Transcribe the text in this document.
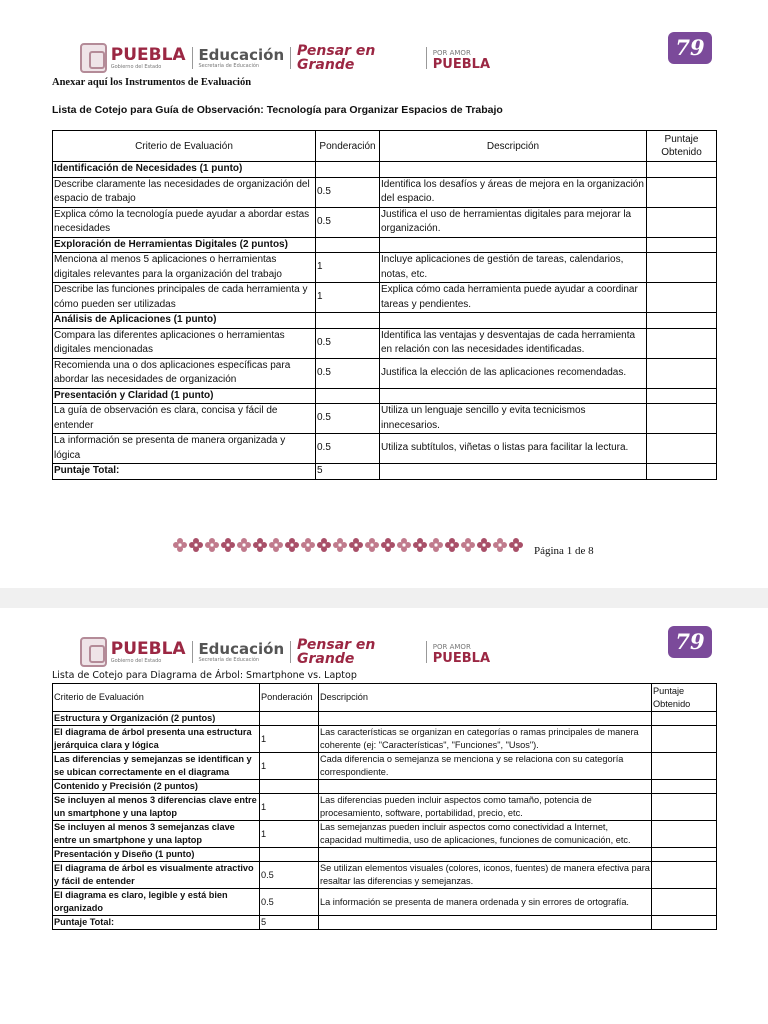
PUEBLA
Gobierno del Estado
Educación
Secretaría de Educación
Pensar en Grande
POR AMOR
PUEBLA
79
Anexar aquí los Instrumentos de Evaluación
Lista de Cotejo para Guía de Observación: Tecnología para Organizar Espacios de Trabajo
Criterio de Evaluación	Ponderación	Descripción	Puntaje Obtenido
Identificación de Necesidades (1 punto)			
Describe claramente las necesidades de organización del espacio de trabajo	0.5	Identifica los desafíos y áreas de mejora en la organización del espacio.	
Explica cómo la tecnología puede ayudar a abordar estas necesidades	0.5	Justifica el uso de herramientas digitales para mejorar la organización.	
Exploración de Herramientas Digitales (2 puntos)			
Menciona al menos 5 aplicaciones o herramientas digitales relevantes para la organización del trabajo	1	Incluye aplicaciones de gestión de tareas, calendarios, notas, etc.	
Describe las funciones principales de cada herramienta y cómo pueden ser utilizadas	1	Explica cómo cada herramienta puede ayudar a coordinar tareas y pendientes.	
Análisis de Aplicaciones (1 punto)			
Compara las diferentes aplicaciones o herramientas digitales mencionadas	0.5	Identifica las ventajas y desventajas de cada herramienta en relación con las necesidades identificadas.	
Recomienda una o dos aplicaciones específicas para abordar las necesidades de organización	0.5	Justifica la elección de las aplicaciones recomendadas.	
Presentación y Claridad (1 punto)			
La guía de observación es clara, concisa y fácil de entender	0.5	Utiliza un lenguaje sencillo y evita tecnicismos innecesarios.	
La información se presenta de manera organizada y lógica	0.5	Utiliza subtítulos, viñetas o listas para facilitar la lectura.	
Puntaje Total:	5		
Página 1 de 8
PUEBLA
Gobierno del Estado
Educación
Secretaría de Educación
Pensar en Grande
POR AMOR
PUEBLA
79
Lista de Cotejo para Diagrama de Árbol: Smartphone vs. Laptop
Criterio de Evaluación	Ponderación	Descripción	Puntaje Obtenido
Estructura y Organización (2 puntos)			
El diagrama de árbol presenta una estructura jerárquica clara y lógica	1	Las características se organizan en categorías o ramas principales de manera coherente (ej: "Características", "Funciones", "Usos").	
Las diferencias y semejanzas se identifican y se ubican correctamente en el diagrama	1	Cada diferencia o semejanza se menciona y se relaciona con su categoría correspondiente.	
Contenido y Precisión (2 puntos)			
Se incluyen al menos 3 diferencias clave entre un smartphone y una laptop	1	Las diferencias pueden incluir aspectos como tamaño, potencia de procesamiento, software, portabilidad, precio, etc.	
Se incluyen al menos 3 semejanzas clave entre un smartphone y una laptop	1	Las semejanzas pueden incluir aspectos como conectividad a Internet, capacidad multimedia, uso de aplicaciones, funciones de comunicación, etc.	
Presentación y Diseño (1 punto)			
El diagrama de árbol es visualmente atractivo y fácil de entender	0.5	Se utilizan elementos visuales (colores, iconos, fuentes) de manera efectiva para resaltar las diferencias y semejanzas.	
El diagrama es claro, legible y está bien organizado	0.5	La información se presenta de manera ordenada y sin errores de ortografía.	
Puntaje Total:	5		
